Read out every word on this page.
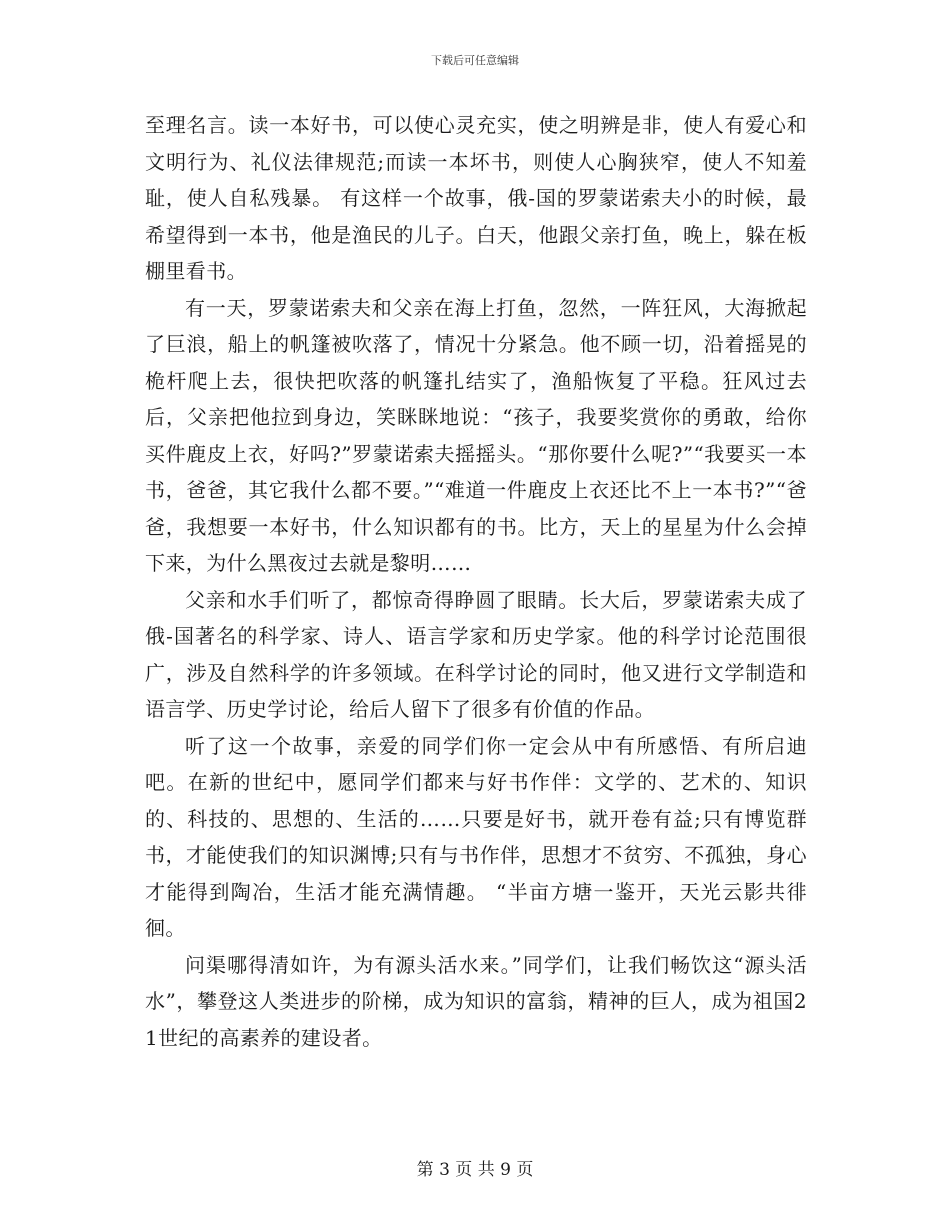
下载后可任意编辑

至理名言。读一本好书，可以使心灵充实，使之明辨是非，使人有爱心和文明行为、礼仪法律规范;而读一本坏书，则使人心胸狭窄，使人不知羞耻，使人自私残暴。 有这样一个故事，俄-国的罗蒙诺索夫小的时候，最希望得到一本书，他是渔民的儿子。白天，他跟父亲打鱼，晚上，躲在板棚里看书。

有一天，罗蒙诺索夫和父亲在海上打鱼，忽然，一阵狂风，大海掀起了巨浪，船上的帆篷被吹落了，情况十分紧急。他不顾一切，沿着摇晃的桅杆爬上去，很快把吹落的帆篷扎结实了，渔船恢复了平稳。狂风过去后，父亲把他拉到身边，笑眯眯地说：“孩子，我要奖赏你的勇敢，给你买件鹿皮上衣，好吗?”罗蒙诺索夫摇摇头。“那你要什么呢?”“我要买一本书，爸爸，其它我什么都不要。”“难道一件鹿皮上衣还比不上一本书?”“爸爸，我想要一本好书，什么知识都有的书。比方，天上的星星为什么会掉下来，为什么黑夜过去就是黎明……

父亲和水手们听了，都惊奇得睁圆了眼睛。长大后，罗蒙诺索夫成了俄-国著名的科学家、诗人、语言学家和历史学家。他的科学讨论范围很广，涉及自然科学的许多领域。在科学讨论的同时，他又进行文学制造和语言学、历史学讨论，给后人留下了很多有价值的作品。

听了这一个故事，亲爱的同学们你一定会从中有所感悟、有所启迪吧。在新的世纪中，愿同学们都来与好书作伴：文学的、艺术的、知识的、科技的、思想的、生活的……只要是好书，就开卷有益;只有博览群书，才能使我们的知识渊博;只有与书作伴，思想才不贫穷、不孤独，身心才能得到陶冶，生活才能充满情趣。 “半亩方塘一鉴开，天光云影共徘徊。

问渠哪得清如许，为有源头活水来。”同学们，让我们畅饮这“源头活水”，攀登这人类进步的阶梯，成为知识的富翁，精神的巨人，成为祖国21世纪的高素养的建设者。

第 3 页 共 9 页
